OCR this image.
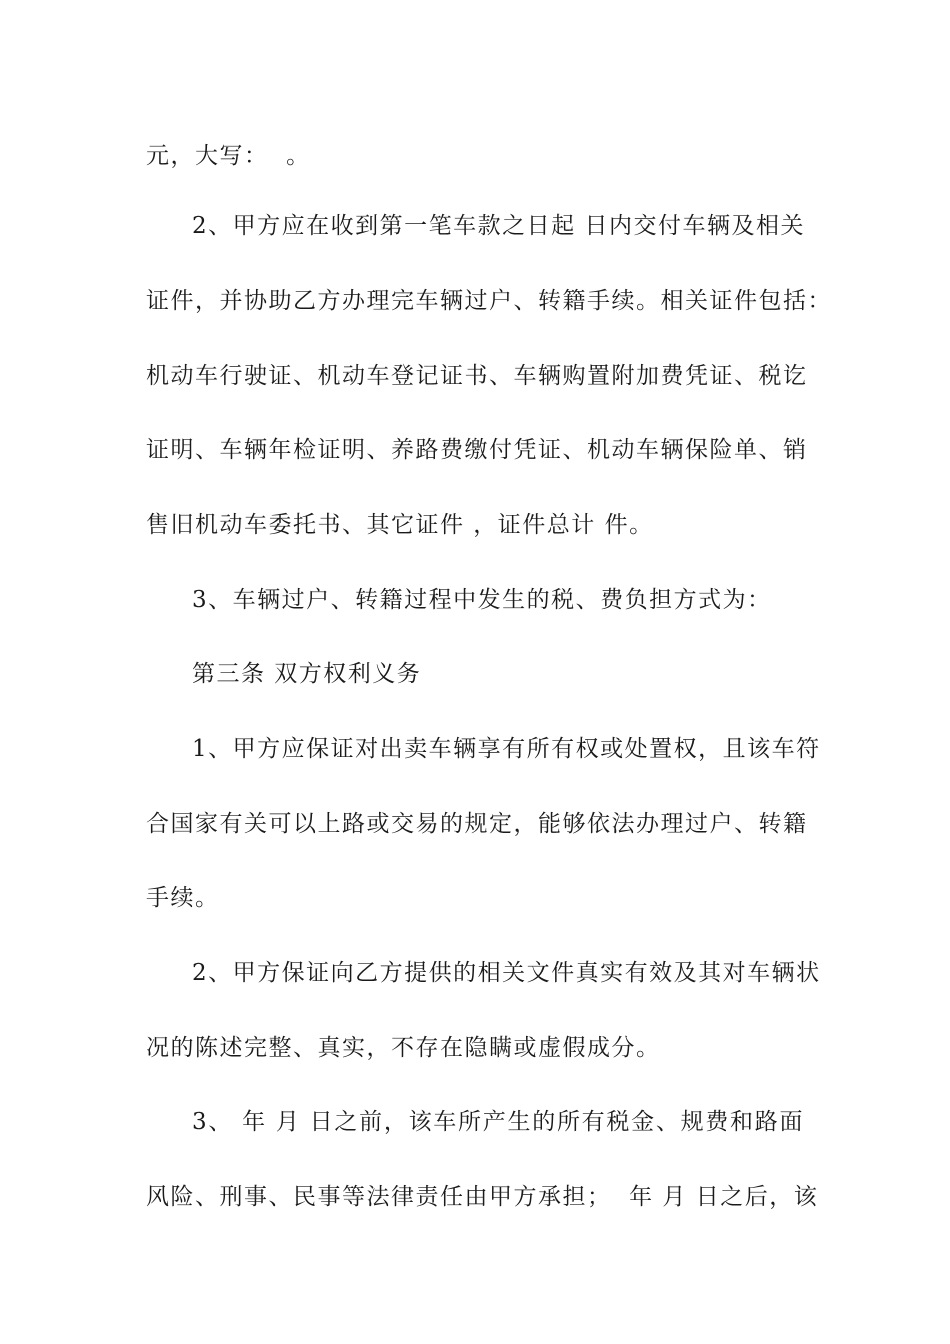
元，大写：  。
2、甲方应在收到第一笔车款之日起 日内交付车辆及相关
证件，并协助乙方办理完车辆过户、转籍手续。相关证件包括：
机动车行驶证、机动车登记证书、车辆购置附加费凭证、税讫
证明、车辆年检证明、养路费缴付凭证、机动车辆保险单、销
售旧机动车委托书、其它证件 ，证件总计 件。
3、车辆过户、转籍过程中发生的税、费负担方式为：
第三条 双方权利义务
1、甲方应保证对出卖车辆享有所有权或处置权，且该车符
合国家有关可以上路或交易的规定，能够依法办理过户、转籍
手续。
2、甲方保证向乙方提供的相关文件真实有效及其对车辆状
况的陈述完整、真实，不存在隐瞒或虚假成分。
3、 年 月 日之前，该车所产生的所有税金、规费和路面
风险、刑事、民事等法律责任由甲方承担；  年 月 日之后，该
